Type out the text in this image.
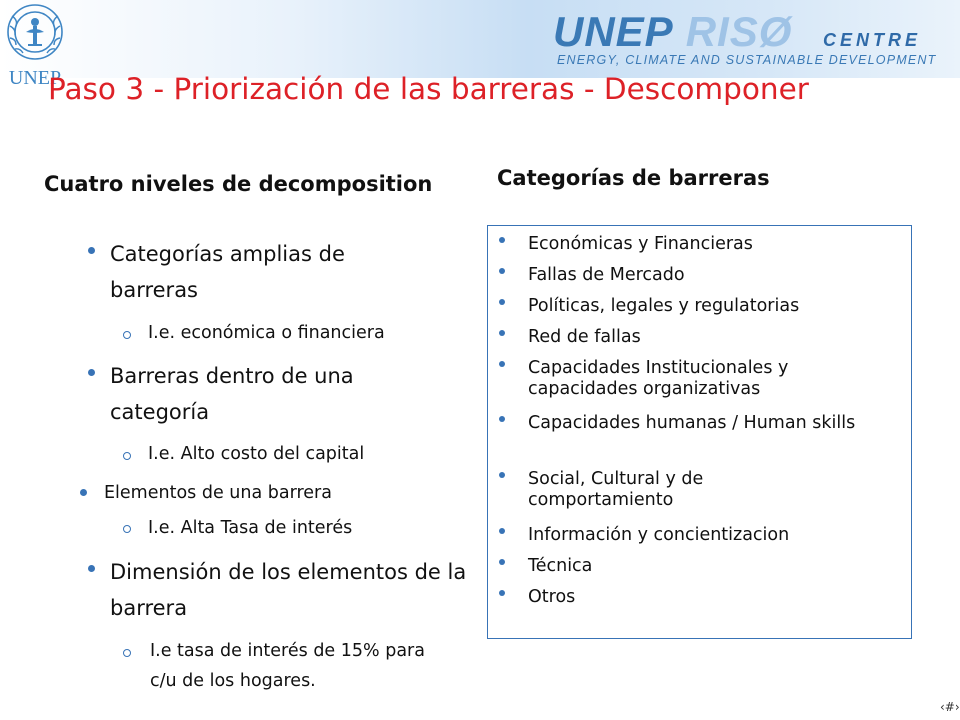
UNEP
UNEP RISØ CENTRE
ENERGY, CLIMATE AND SUSTAINABLE DEVELOPMENT
Paso 3 - Priorización de las barreras - Descomponer
Cuatro niveles de decomposition
Categorías amplias de barreras
I.e. económica o financiera
Barreras dentro de una categoría
I.e. Alto costo del capital
Elementos de una barrera
I.e. Alta Tasa de interés
Dimensión de los elementos de la barrera
I.e tasa de interés de 15% para c/u de los hogares.
Categorías de barreras
Económicas y Financieras
Fallas de Mercado
Políticas, legales y regulatorias
Red de fallas
Capacidades Institucionales y capacidades organizativas
Capacidades humanas / Human skills
Social, Cultural y de comportamiento
Información y concientizacion
Técnica
Otros
‹#›
